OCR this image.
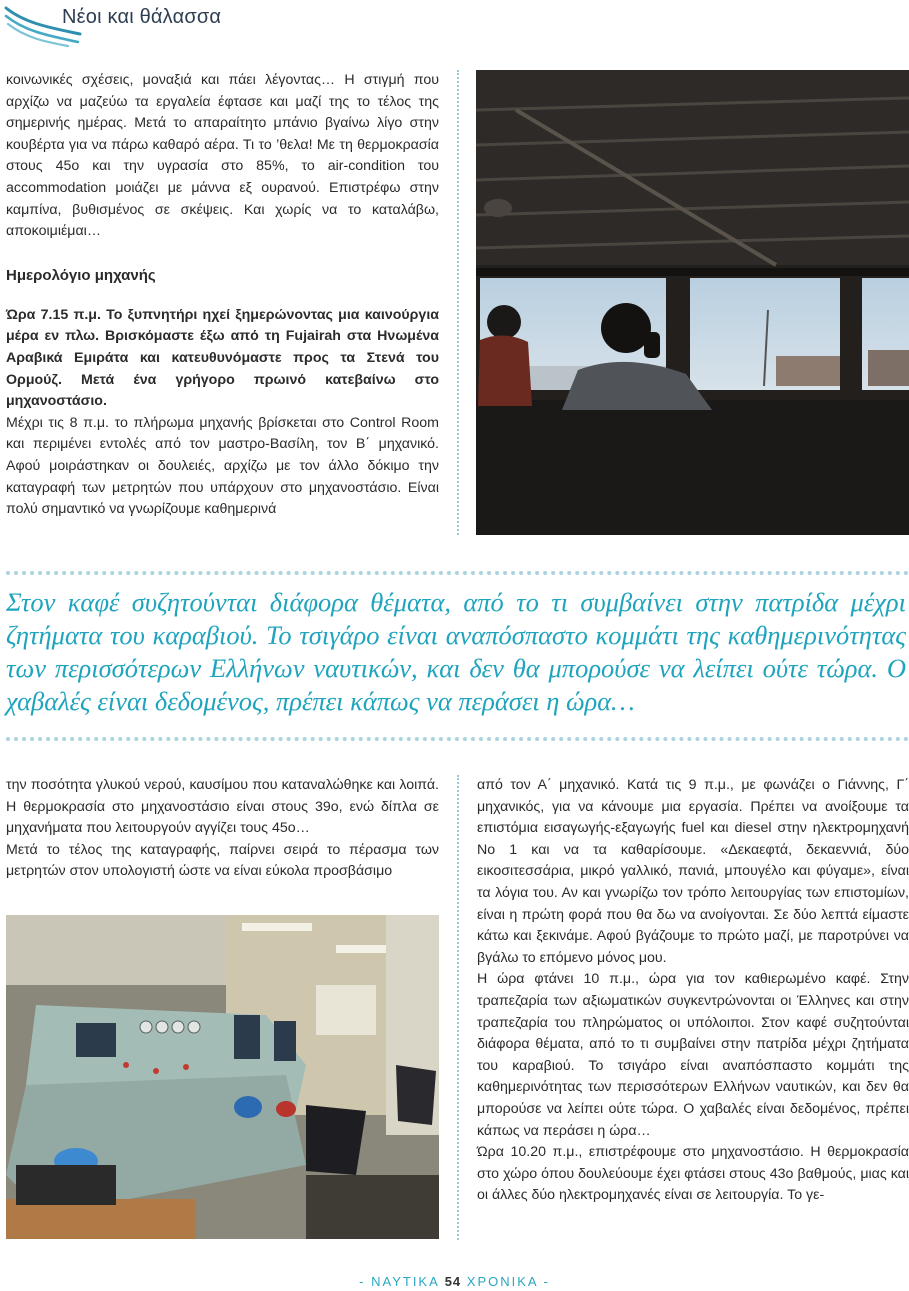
Νέοι και θάλασσα

κοινωνικές σχέσεις, μοναξιά και πάει λέγοντας… Η στιγμή που αρχίζω να μαζεύω τα εργαλεία έφτασε και μαζί της το τέλος της σημερινής ημέρας. Μετά το απαραίτητο μπάνιο βγαίνω λίγο στην κουβέρτα για να πάρω καθαρό αέρα. Τι το ’θελα! Με τη θερμοκρασία στους 45ο και την υγρασία στο 85%, το air-condition του accommodation μοιάζει με μάννα εξ ουρανού. Επιστρέφω στην καμπίνα, βυθισμένος σε σκέψεις. Και χωρίς να το καταλάβω, αποκοιμιέμαι…

Ημερολόγιο μηχανής

Ώρα 7.15 π.μ. Το ξυπνητήρι ηχεί ξημερώνοντας μια καινούργια μέρα εν πλω. Βρισκόμαστε έξω από τη Fujairah στα Ηνωμένα Αραβικά Εμιράτα και κατευθυνόμαστε προς τα Στενά του Ορμούζ. Μετά ένα γρήγορο πρωινό κατεβαίνω στο μηχανοστάσιο.

Μέχρι τις 8 π.μ. το πλήρωμα μηχανής βρίσκεται στο Control Room και περιμένει εντολές από τον μαστρο-Βασίλη, τον Β΄ μηχανικό. Αφού μοιράστηκαν οι δουλειές, αρχίζω με τον άλλο δόκιμο την καταγραφή των μετρητών που υπάρχουν στο μηχανοστάσιο. Είναι πολύ σημαντικό να γνωρίζουμε καθημερινά

Στον καφέ συζητούνται διάφορα θέματα, από το τι συμβαίνει στην πατρίδα μέχρι ζητήματα του καραβιού. Το τσιγάρο είναι αναπόσπαστο κομμάτι της καθημερινότητας των περισσότερων Ελλήνων ναυτικών, και δεν θα μπορούσε να λείπει ούτε τώρα. Ο χαβαλές είναι δεδομένος, πρέπει κάπως να περάσει η ώρα…

την ποσότητα γλυκού νερού, καυσίμου που καταναλώθηκε και λοιπά. Η θερμοκρασία στο μηχανοστάσιο είναι στους 39ο, ενώ δίπλα σε μηχανήματα που λειτουργούν αγγίζει τους 45ο…

Μετά το τέλος της καταγραφής, παίρνει σειρά το πέρασμα των μετρητών στον υπολογιστή ώστε να είναι εύκολα προσβάσιμο

από τον Α΄ μηχανικό. Κατά τις 9 π.μ., με φωνάζει ο Γιάννης, Γ΄ μηχανικός, για να κάνουμε μια εργασία. Πρέπει να ανοίξουμε τα επιστόμια εισαγωγής-εξαγωγής fuel και diesel στην ηλεκτρομηχανή Νο 1 και να τα καθαρίσουμε. «Δεκαεφτά, δεκαεννιά, δύο εικοσιτεσσάρια, μικρό γαλλικό, πανιά, μπουγέλο και φύγαμε», είναι τα λόγια του. Αν και γνωρίζω τον τρόπο λειτουργίας των επιστομίων, είναι η πρώτη φορά που θα δω να ανοίγονται. Σε δύο λεπτά είμαστε κάτω και ξεκινάμε. Αφού βγάζουμε το πρώτο μαζί, με παροτρύνει να βγάλω το επόμενο μόνος μου.

Η ώρα φτάνει 10 π.μ., ώρα για τον καθιερωμένο καφέ. Στην τραπεζαρία των αξιωματικών συγκεντρώνονται οι Έλληνες και στην τραπεζαρία του πληρώματος οι υπόλοιποι. Στον καφέ συζητούνται διάφορα θέματα, από το τι συμβαίνει στην πατρίδα μέχρι ζητήματα του καραβιού. Το τσιγάρο είναι αναπόσπαστο κομμάτι της καθημερινότητας των περισσότερων Ελλήνων ναυτικών, και δεν θα μπορούσε να λείπει ούτε τώρα. Ο χαβαλές είναι δεδομένος, πρέπει κάπως να περάσει η ώρα…

Ώρα 10.20 π.μ., επιστρέφουμε στο μηχανοστάσιο. Η θερμοκρασία στο χώρο όπου δουλεύουμε έχει φτάσει στους 43ο βαθμούς, μιας και οι άλλες δύο ηλεκτρομηχανές είναι σε λειτουργία. Το γε-

- ΝΑΥΤΙΚΑ 54 ΧΡΟΝΙΚΑ -
